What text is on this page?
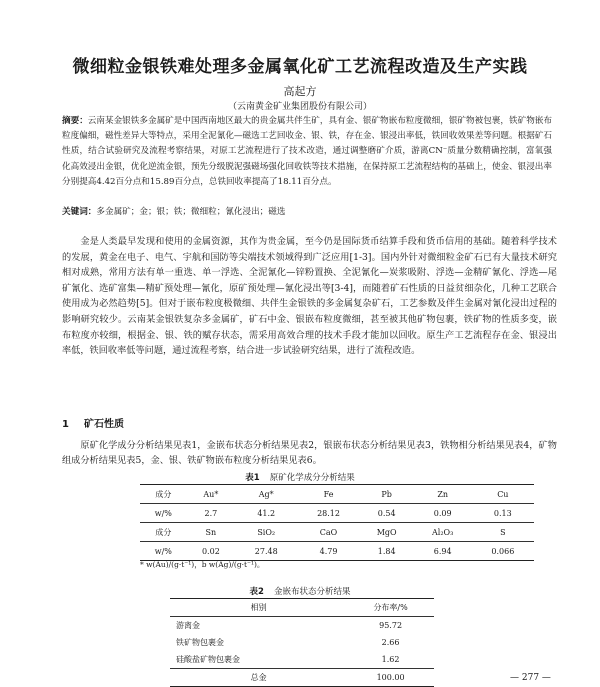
微细粒金银铁难处理多金属氧化矿工艺流程改造及生产实践
高起方
（云南黄金矿业集团股份有限公司）
摘要：云南某金银铁多金属矿是中国西南地区最大的贵金属共伴生矿，具有金、银矿物嵌布粒度微细，银矿物被包裹，铁矿物嵌布粒度偏细，磁性差异大等特点，采用全泥氰化—磁选工艺回收金、银、铁，存在金、银浸出率低，铁回收效果差等问题。根据矿石性质，结合试验研究及流程考察结果，对原工艺流程进行了技术改造，通过调整磨矿介质，游离CN⁻质量分数精确控制，富氧强化高效浸出金银，优化逆流金银，预先分级脱泥强磁场强化回收铁等技术措施，在保持原工艺流程结构的基础上，使金、银浸出率分别提高4.42百分点和15.89百分点，总铁回收率提高了18.11百分点。
关键词：多金属矿；金；银；铁；微细粒；氰化浸出；磁选
金是人类最早发现和使用的金属资源，其作为贵金属，至今仍是国际货币结算手段和货币信用的基础。随着科学技术的发展，黄金在电子、电气、宇航和国防等尖端技术领域得到广泛应用[1-3]。国内外针对微细粒金矿石已有大量技术研究相对成熟，常用方法有单一重选、单一浮选、全泥氰化—锌粉置换、全泥氰化—炭浆吸附、浮选—金精矿氰化、浮选—尾矿氰化、选矿富集—精矿预处理—氰化，原矿预处理—氰化浸出等[3-4]，而随着矿石性质的日益贫细杂化，几种工艺联合使用成为必然趋势[5]。但对于嵌布粒度极微细、共伴生金银铁的多金属复杂矿石，工艺参数及伴生金属对氰化浸出过程的影响研究较少。云南某金银铁复杂多金属矿，矿石中金、银嵌布粒度微细，甚至被其他矿物包裹，铁矿物的性质多变，嵌布粒度亦较细，根据金、银、铁的赋存状态，需采用高效合理的技术手段才能加以回收。原生产工艺流程存在金、银浸出率低，铁回收率低等问题，通过流程考察，结合进一步试验研究结果，进行了流程改造。
1 矿石性质
原矿化学成分分析结果见表1，金嵌布状态分析结果见表2，银嵌布状态分析结果见表3，铁物相分析结果见表4，矿物组成分析结果见表5，金、银、铁矿物嵌布粒度分析结果见表6。
表1 原矿化学成分分析结果
成分	Au*	Ag*	Fe	Pb	Zn	Cu
w/%	2.7	41.2	28.12	0.54	0.09	0.13
成分	Sn	SiO₂	CaO	MgO	Al₂O₃	S
w/%	0.02	27.48	4.79	1.84	6.94	0.066
* w(Au)/(g·t⁻¹)，b w(Ag)/(g·t⁻¹)。
表2 金嵌布状态分析结果
相别	分布率/%
游离金	95.72
铁矿物包裹金	2.66
硅酸盐矿物包裹金	1.62
总金	100.00	— 277 —
